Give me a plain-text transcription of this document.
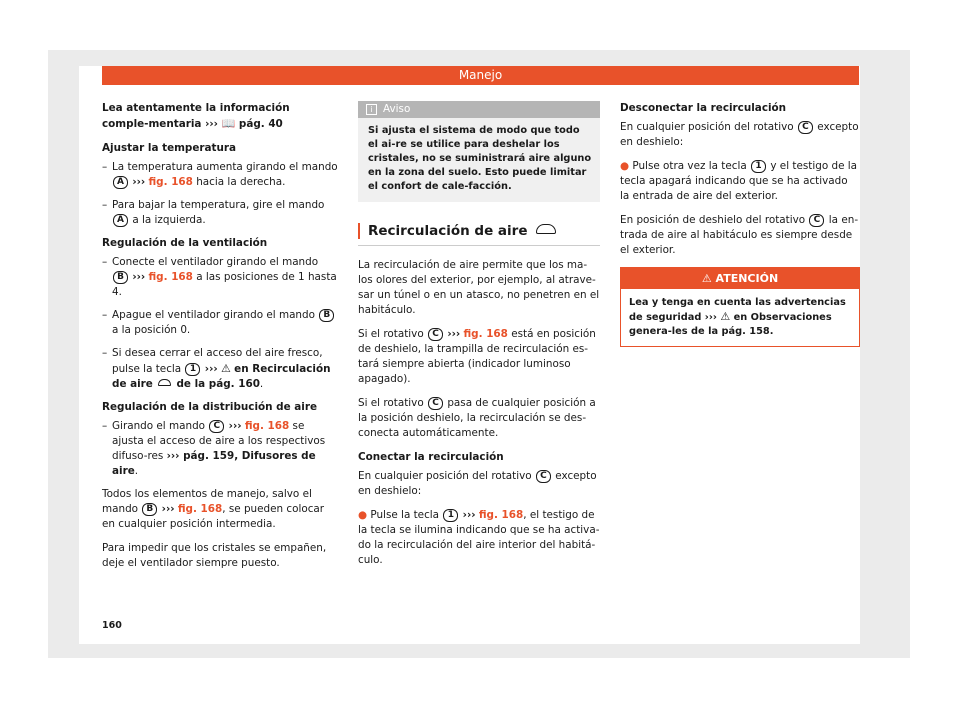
Manejo

Lea atentamente la información comple-mentaria ››› 📖 pág. 40

Ajustar la temperatura

– La temperatura aumenta girando el mando A ››› fig. 168 hacia la derecha.
– Para bajar la temperatura, gire el mando A a la izquierda.

Regulación de la ventilación

– Conecte el ventilador girando el mando B ››› fig. 168 a las posiciones de 1 hasta 4.
– Apague el ventilador girando el mando B a la posición 0.
– Si desea cerrar el acceso del aire fresco, pulse la tecla 1 ››› ⚠ en Recirculación de aire de la pág. 160.

Regulación de la distribución de aire

– Girando el mando C ››› fig. 168 se ajusta el acceso de aire a los respectivos difuso-res ››› pág. 159, Difusores de aire.

Todos los elementos de manejo, salvo el mando B ››› fig. 168, se pueden colocar en cualquier posición intermedia.

Para impedir que los cristales se empañen, deje el ventilador siempre puesto.

i Aviso
Si ajusta el sistema de modo que todo el ai-re se utilice para deshelar los cristales, no se suministrará aire alguno en la zona del suelo. Esto puede limitar el confort de cale-facción.
Recirculación de aire

La recirculación de aire permite que los ma-los olores del exterior, por ejemplo, al atrave-sar un túnel o en un atasco, no penetren en el habitáculo.

Si el rotativo C ››› fig. 168 está en posición de deshielo, la trampilla de recirculación es-tará siempre abierta (indicador luminoso apagado).

Si el rotativo C pasa de cualquier posición a la posición deshielo, la recirculación se des-conecta automáticamente.

Conectar la recirculación

En cualquier posición del rotativo C excepto en deshielo:

● Pulse la tecla 1 ››› fig. 168, el testigo de la tecla se ilumina indicando que se ha activa-do la recirculación del aire interior del habitá-culo.

Desconectar la recirculación

En cualquier posición del rotativo C excepto en deshielo:

● Pulse otra vez la tecla 1 y el testigo de la tecla apagará indicando que se ha activado la entrada de aire del exterior.

En posición de deshielo del rotativo C la en-trada de aire al habitáculo es siempre desde el exterior.

⚠ ATENCIÓN
Lea y tenga en cuenta las advertencias de seguridad ››› ⚠ en Observaciones genera-les de la pág. 158.
160
